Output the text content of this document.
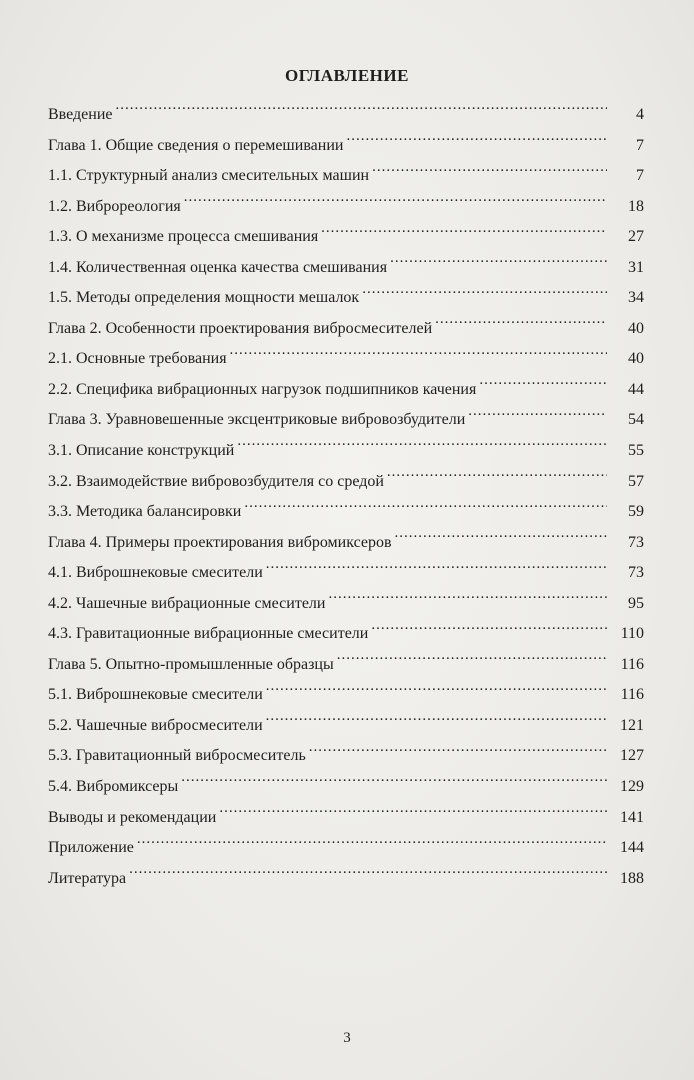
ОГЛАВЛЕНИЕ
Введение .....	4
Глава 1. Общие сведения о перемешивании .....	7
1.1. Структурный анализ смесительных машин .....	7
1.2. Виброреология .....	18
1.3. О механизме процесса смешивания .....	27
1.4. Количественная оценка качества смешивания .....	31
1.5. Методы определения мощности мешалок .....	34
Глава 2. Особенности проектирования вибросмесителей .....	40
2.1. Основные требования .....	40
2.2. Специфика вибрационных нагрузок подшипников качения .....	44
Глава 3. Уравновешенные эксцентриковые вибровозбудители .....	54
3.1. Описание конструкций .....	55
3.2. Взаимодействие вибровозбудителя со средой .....	57
3.3. Методика балансировки .....	59
Глава 4. Примеры проектирования вибромиксеров .....	73
4.1. Виброшнековые смесители .....	73
4.2. Чашечные вибрационные смесители .....	95
4.3. Гравитационные вибрационные смесители .....	110
Глава 5. Опытно-промышленные образцы .....	116
5.1. Виброшнековые смесители .....	116
5.2. Чашечные вибросмесители .....	121
5.3. Гравитационный вибросмеситель .....	127
5.4. Вибромиксеры .....	129
Выводы и рекомендации .....	141
Приложение .....	144
Литература .....	188
3
